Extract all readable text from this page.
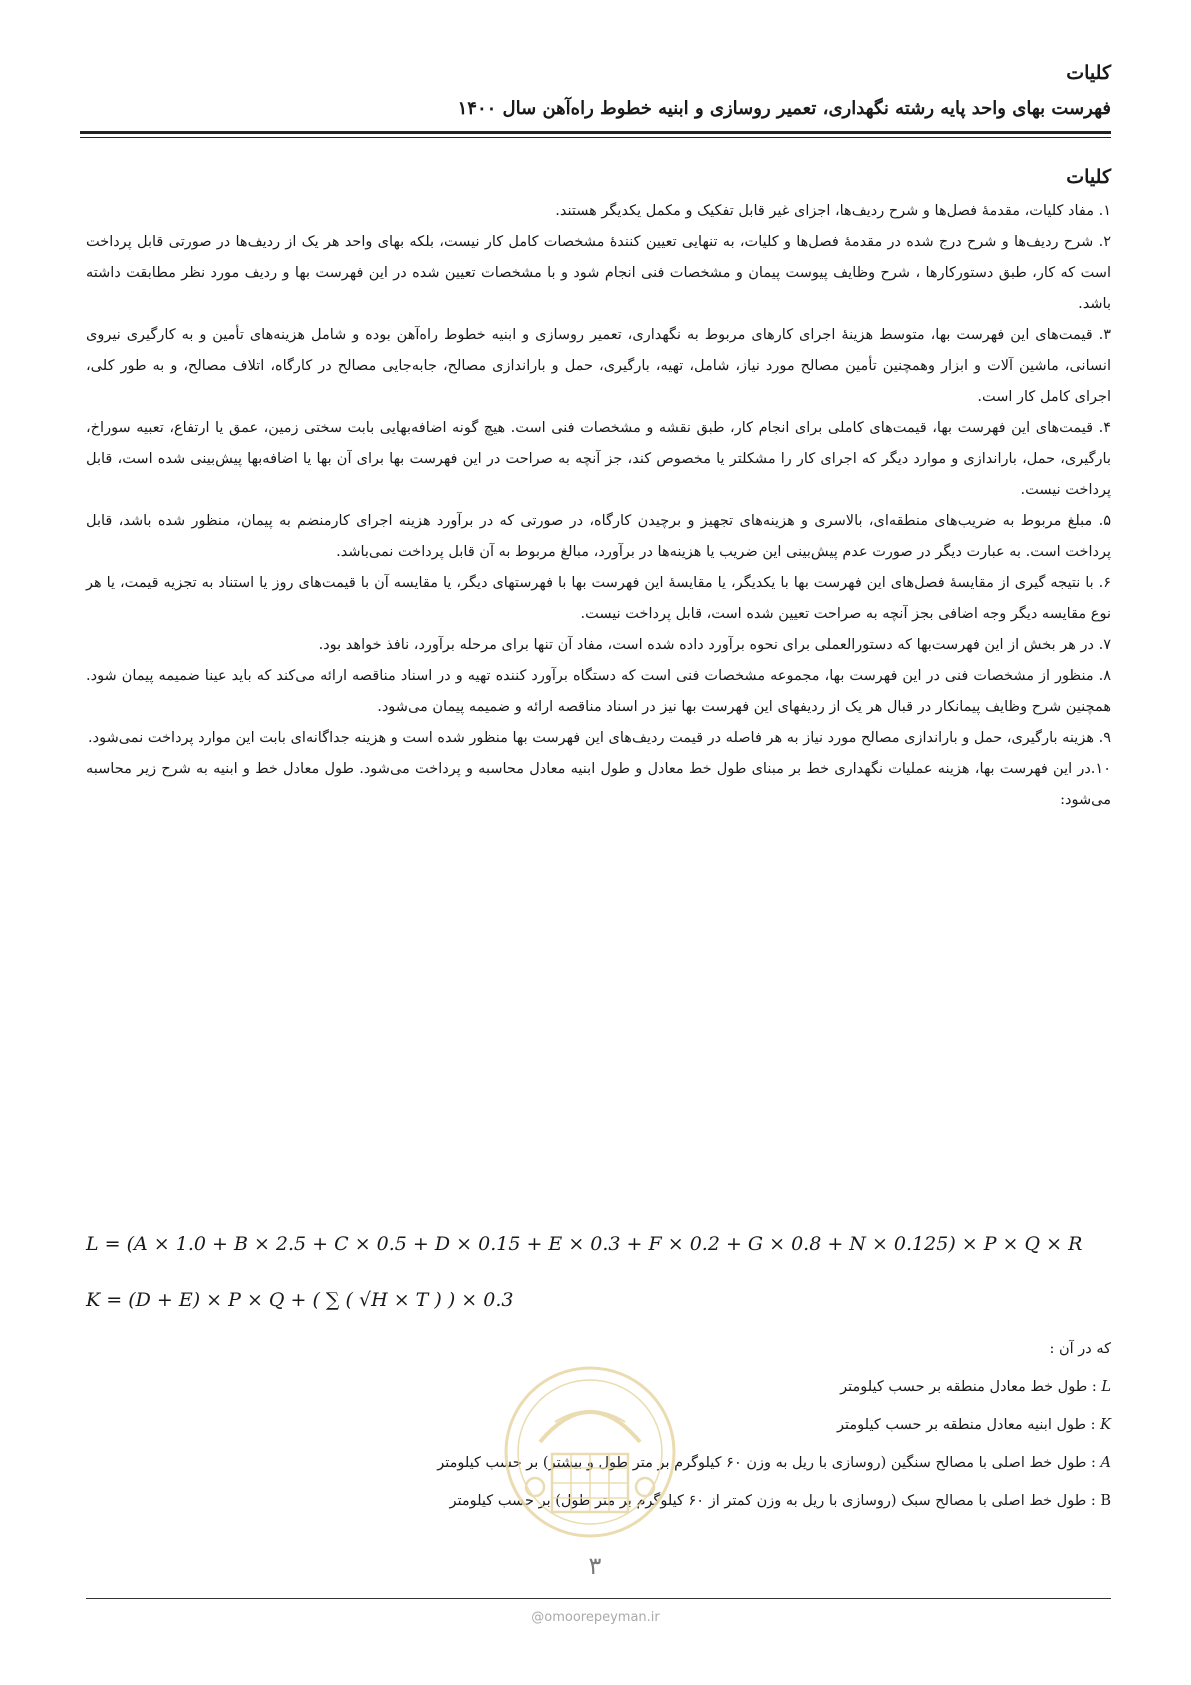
کلیات
فهرست بهای واحد پایه رشته نگهداری، تعمیر روسازی و ابنیه خطوط راه‌آهن سال ۱۴۰۰
کلیات

۱. مفاد کلیات، مقدمهٔ فصل‌ها و شرح ردیف‌ها، اجزای غیر قابل تفکیک و مکمل یکدیگر هستند.

۲. شرح ردیف‌ها و شرح درج شده در مقدمهٔ فصل‌ها و کلیات، به تنهایی تعیین کنندهٔ مشخصات کامل کار نیست، بلکه بهای واحد هر یک از ردیف‌ها در صورتی قابل پرداخت است که کار، طبق دستورکارها ، شرح وظایف پیوست پیمان و مشخصات فنی انجام شود و با مشخصات تعیین شده در این فهرست بها و ردیف مورد نظر مطابقت داشته باشد.

۳. قیمت‌های این فهرست بها، متوسط هزینهٔ اجرای کارهای مربوط به نگهداری، تعمیر روسازی و ابنیه خطوط راه‌آهن بوده و شامل هزینه‌های تأمین و به کارگیری نیروی انسانی، ماشین آلات و ابزار وهمچنین تأمین مصالح مورد نیاز، شامل، تهیه، بارگیری، حمل و باراندازی مصالح، جابه‌جایی مصالح در کارگاه، اتلاف مصالح، و به طور کلی، اجرای کامل کار است.

۴. قیمت‌های این فهرست بها، قیمت‌های کاملی برای انجام کار، طبق نقشه و مشخصات فنی است. هیچ گونه اضافه‌بهایی بابت سختی زمین، عمق یا ارتفاع، تعبیه سوراخ، بارگیری، حمل، باراندازی و موارد دیگر که اجرای کار را مشکلتر یا مخصوص کند، جز آنچه به صراحت در این فهرست بها برای آن بها یا اضافه‌بها پیش‌بینی شده است، قابل پرداخت نیست.

۵. مبلغ مربوط به ضریب‌های منطقه‌ای، بالاسری و هزینه‌های تجهیز و برچیدن کارگاه، در صورتی که در برآورد هزینه اجرای کارمنضم به پیمان، منظور شده باشد، قابل پرداخت است. به عبارت دیگر در صورت عدم پیش‌بینی این ضریب یا هزینه‌ها در برآورد، مبالغ مربوط به آن قابل پرداخت نمی‌باشد.

۶. با نتیجه گیری از مقایسهٔ فصل‌های این فهرست بها با یکدیگر، یا مقایسهٔ این فهرست بها با فهرستهای دیگر، یا مقایسه آن با قیمت‌های روز یا استناد به تجزیه قیمت، یا هر نوع مقایسه دیگر وجه اضافی بجز آنچه به صراحت تعیین شده است، قابل پرداخت نیست.

۷. در هر بخش از این فهرست‌بها که دستورالعملی برای نحوه برآورد داده شده است، مفاد آن تنها برای مرحله برآورد، نافذ خواهد بود.

۸. منظور از مشخصات فنی در این فهرست بها، مجموعه مشخصات فنی است که دستگاه برآورد کننده تهیه و در اسناد مناقصه ارائه می‌کند که باید عینا ضمیمه پیمان شود. همچنین شرح وظایف پیمانکار در قبال هر یک از ردیفهای این فهرست بها نیز در اسناد مناقصه ارائه و ضمیمه پیمان می‌شود.

۹. هزینه بارگیری، حمل و باراندازی مصالح مورد نیاز به هر فاصله در قیمت ردیف‌های این فهرست بها منظور شده است و هزینه جداگانه‌ای بابت این موارد پرداخت نمی‌شود.

۱۰.در این فهرست بها، هزینه عملیات نگهداری خط بر مبنای طول خط معادل و طول ابنیه معادل محاسبه و پرداخت می‌شود. طول معادل خط و ابنیه به شرح زیر محاسبه می‌شود:

L = (A × 1.0 + B × 2.5 + C × 0.5 + D × 0.15 + E × 0.3 + F × 0.2 + G × 0.8 + N × 0.125) × P × Q × R
K = (D + E) × P × Q + ( ∑ ( √H × T ) ) × 0.3
که در آن :
L : طول خط معادل منطقه بر حسب کیلومتر
K : طول ابنیه معادل منطقه بر حسب کیلومتر
A : طول خط اصلی با مصالح سنگین (روسازی با ریل به وزن ۶۰ کیلوگرم بر متر طول و بیشتر) بر حسب کیلومتر
B : طول خط اصلی با مصالح سبک (روسازی با ریل به وزن کمتر از ۶۰ کیلوگرم بر متر طول) بر حسب کیلومتر
۳
@omoorepeyman.ir
